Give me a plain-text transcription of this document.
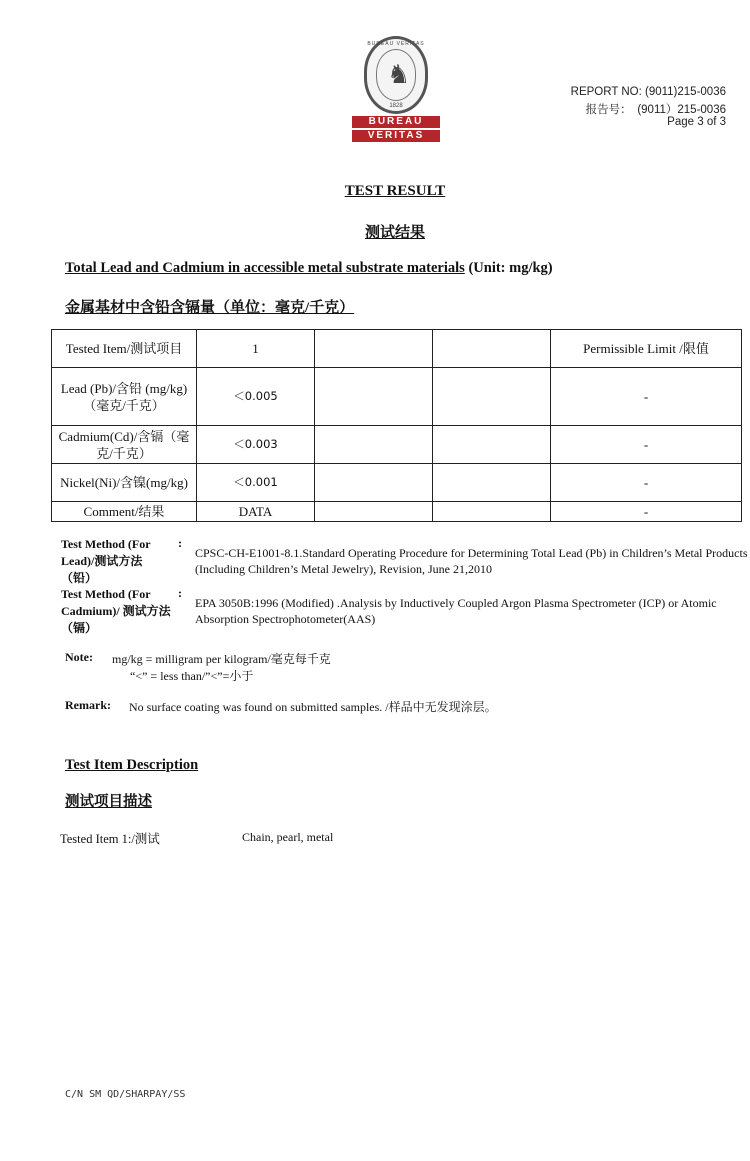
BUREAU VERITAS
♞
1828
BUREAU
VERITAS
REPORT NO: (9011)215-0036
报告号：　(9011）215-0036
Page 3 of 3
TEST RESULT
测试结果
Total Lead and Cadmium in accessible metal substrate materials (Unit: mg/kg)
金属基材中含铅含镉量（单位：毫克/千克）
Tested Item/测试项目	1			Permissible Limit /限值
Lead (Pb)/含铅 (mg/kg) （毫克/千克）	＜0.005			-
Cadmium(Cd)/含镉（毫克/千克）	＜0.003			-
Nickel(Ni)/含镍(mg/kg)	＜0.001			-
Comment/结果	DATA			-
Test Method (For Lead)/测试方法（铅）
:
CPSC-CH-E1001-8.1.Standard Operating Procedure for Determining Total Lead (Pb) in Children’s Metal Products (Including Children’s Metal Jewelry), Revision, June 21,2010
Test Method (For Cadmium)/ 测试方法（镉）
:
EPA 3050B:1996 (Modified) .Analysis by Inductively Coupled Argon Plasma Spectrometer (ICP) or Atomic Absorption Spectrophotometer(AAS)
Note: mg/kg = milligram per kilogram/毫克每千克
“<” = less than/”<”=小于
Remark: No surface coating was found on submitted samples. /样品中无发现涂层。
Test Item Description
测试项目描述
Tested Item 1:/测试	Chain, pearl, metal
C/N SM QD/SHARPAY/SS
